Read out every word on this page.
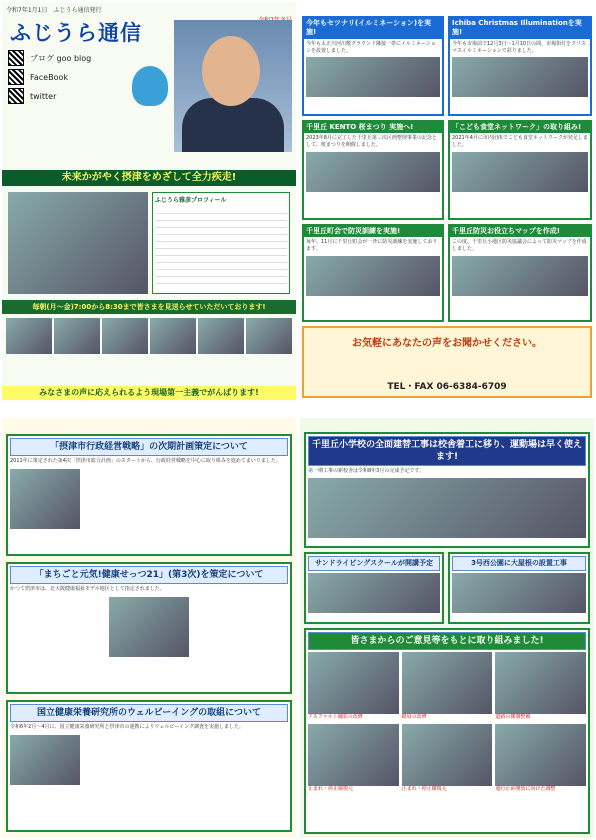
令和7年1月1日　ふじうら通信発行
ふじうら通信
ブログ goo blog
FaceBook
twitter
未来かがやく摂津をめざして全力疾走!
ふじうら雅彦プロフィール
毎朝(月〜金)7:00から8:30まで皆さまを見送らせていただいております!
みなさまの声に応えられるよう現場第一主義でがんばります!
今年もセツナリ(イルミネーション)を実施!
今年も太正川河川敷グラウンド隣接一帯にイルミネーションを設置しました。
Ichiba Christmas Illuminationを実施!
今年も市場前で12月3日〜1月10日の間、市場街灯をクリスマスイルミネーションで彩りました。
千里丘 KENTO 桜まつり 実施へ!
2023年8月に完了した千里丘第三次区画整理事業の記念として、桜まつりを開催しました。
「こども食堂ネットワーク」の取り組み!
2021年4月に市内団体でこども食堂ネットワークが発足しました。
千里丘町会で防災訓練を実施!
毎年、11月に千里丘町会が一斉に防災訓練を実施しております。
千里丘防災お役立ちマップを作成!
この度、千里丘小地区防災協議会によって防災マップを作成しました。
お気軽にあなたの声をお聞かせください。
TEL・FAX 06-6384-6709
「摂津市行政経営戦略」の次期計画策定について
2011年に策定された第4次「摂津市総合計画」のスタートから、行政経営戦略を中心に取り組みを進めてまいりました。
「まちごと元気!健康せっつ21」(第3次)を策定について
かつて摂津市は、北大阪健康福祉モデル地区として指定されました。
国立健康栄養研究所のウェルビーイングの取組について
令和6年2月〜4月に、国立健康栄養研究所と摂津市の連携によりウェルビーイング調査を実施しました。
千里丘小学校の全面建替工事は校舎着工に移り、運動場は早く使えます!
第一期工事の新校舎は令和8年3月の完成予定です。
サンドライビングスクールが開講予定	3号西公園に大屋根の設置工事
皆さまからのご意見等をもとに取り組みました!
アスファルト舗装の改修	路肩の改修	道路の側溝整備
止まれ・停止線復元	止まれ・停止線復元	通行止め開放に向けた調整
